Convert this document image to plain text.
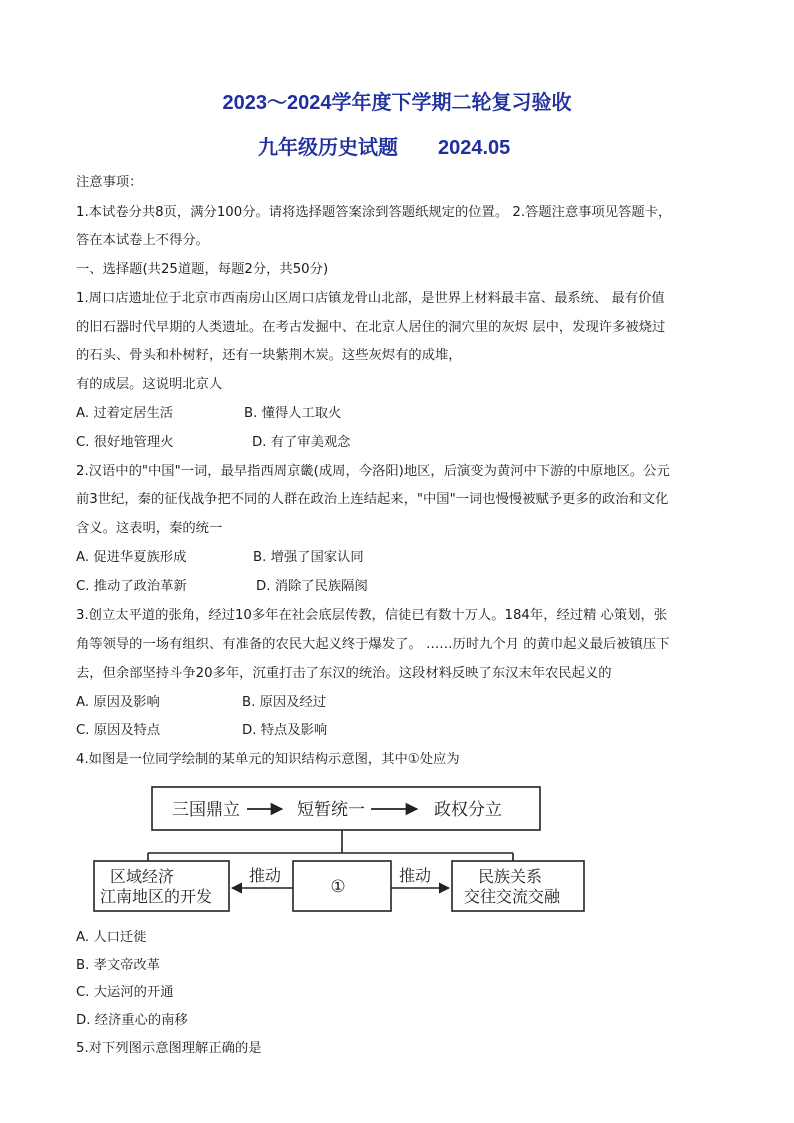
2023～2024学年度下学期二轮复习验收
九年级历史试题 2024.05
注意事项：
1.本试卷分共8页，满分100分。请将选择题答案涂到答题纸规定的位置。 2.答题注意事项见答题卡，
答在本试卷上不得分。
一、选择题(共25道题，每题2分，共50分)
1.周口店遗址位于北京市西南房山区周口店镇龙骨山北部，是世界上材料最丰富、最系统、 最有价值
的旧石器时代早期的人类遗址。在考古发掘中、在北京人居住的洞穴里的灰烬 层中，发现许多被烧过
的石头、骨头和朴树籽，还有一块紫荆木炭。这些灰烬有的成堆，
有的成层。这说明北京人
A. 过着定居生活	B. 懂得人工取火
C. 很好地管理火	D. 有了审美观念
2.汉语中的"中国"一词，最早指西周京畿(成周，今洛阳)地区，后演变为黄河中下游的中原地区。公元
前3世纪，秦的征伐战争把不同的人群在政治上连结起来，"中国"一词也慢慢被赋予更多的政治和文化
含义。这表明，秦的统一
A. 促进华夏族形成	B. 增强了国家认同
C. 推动了政治革新	D. 消除了民族隔阂
3.创立太平道的张角，经过10多年在社会底层传教，信徒已有数十万人。184年，经过精 心策划，张
角等领导的一场有组织、有准备的农民大起义终于爆发了。 ……历时九个月 的黄巾起义最后被镇压下
去，但余部坚持斗争20多年，沉重打击了东汉的统治。这段材料反映了东汉末年农民起义的
A. 原因及影响	B. 原因及经过
C. 原因及特点	D. 特点及影响
4.如图是一位同学绘制的某单元的知识结构示意图，其中①处应为
三国鼎立	短暂统一	政权分立
区域经济
江南地区的开发	①
民族关系
交往交流交融
推动	推动
A. 人口迁徙
B. 孝文帝改革
C. 大运河的开通
D. 经济重心的南移
5.对下列图示意图理解正确的是
